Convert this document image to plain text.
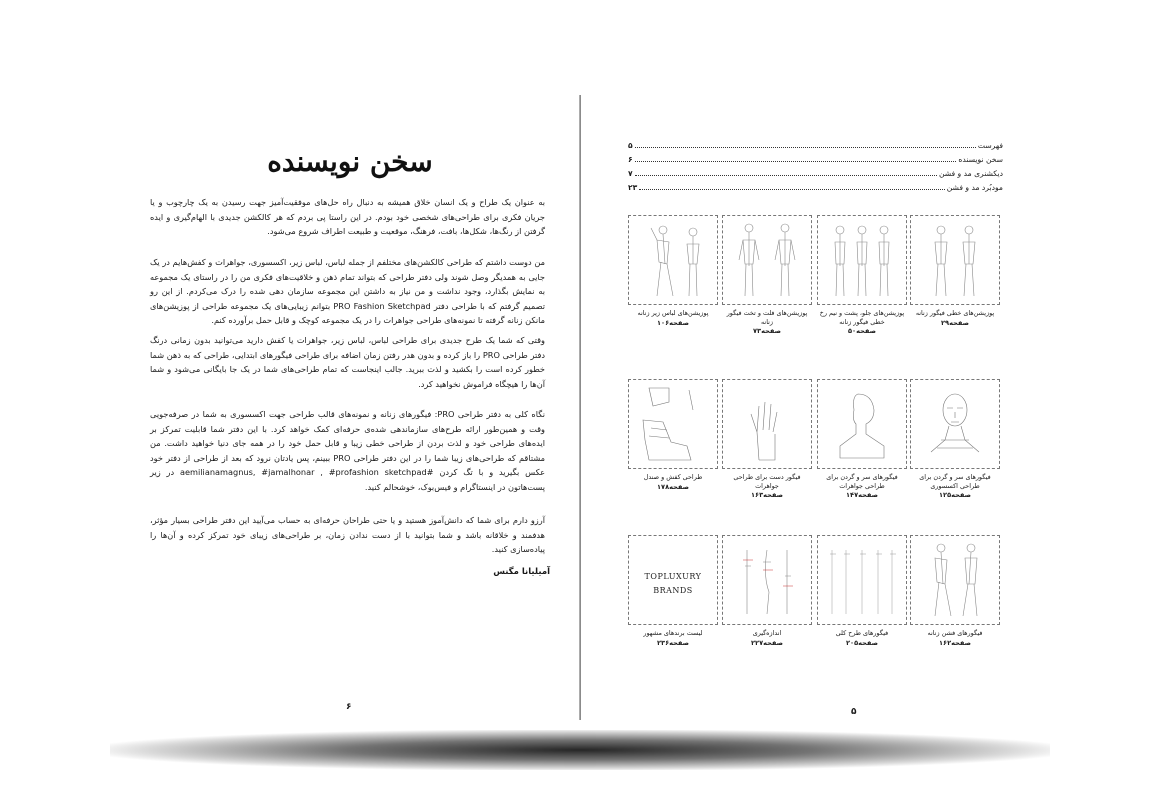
سخن نویسنده
به عنوان یک طراح و یک انسان خلاق همیشه به دنبال راه حل‌های موفقیت‌آمیز جهت رسیدن به یک چارچوب و یا جریان فکری برای طراحی‌های شخصی خود بودم. در این راستا پی بردم که هر کالکشن جدیدی با الهام‌گیری و ایده گرفتن از رنگ‌ها، شکل‌ها، بافت، فرهنگ، موقعیت و طبیعت اطراف شروع می‌شود.
من دوست داشتم که طراحی کالکشن‌های مختلفم از جمله لباس، لباس زیر، اکسسوری، جواهرات و کفش‌هایم در یک جایی به همدیگر وصل شوند ولی دفتر طراحی که بتواند تمام ذهن و خلاقیت‌های فکری من را در راستای یک مجموعه به نمایش بگذارد، وجود نداشت و من نیاز به داشتن این مجموعه سازمان دهی شده را درک می‌کردم. از این رو تصمیم گرفتم که با طراحی دفتر PRO Fashion Sketchpad بتوانم زیبایی‌های یک مجموعه طراحی از پوزیشن‌های مانکن زنانه گرفته تا نمونه‌های طراحی جواهرات را در یک مجموعه کوچک و قابل حمل برآورده کنم.
وقتی که شما یک طرح جدیدی برای طراحی لباس، لباس زیر، جواهرات یا کفش دارید می‌توانید بدون زمانی درنگ دفتر طراحی PRO را باز کرده و بدون هدر رفتن زمان اضافه برای طراحی فیگورهای ابتدایی، طراحی که به ذهن شما خطور کرده است را بکشید و لذت ببرید. جالب اینجاست که تمام طراحی‌های شما در یک جا بایگانی می‌شود و شما آن‌ها را هیچگاه فراموش نخواهید کرد.
نگاه کلی به دفتر طراحی PRO: فیگورهای زنانه و نمونه‌های قالب طراحی جهت اکسسوری به شما در صرفه‌جویی وقت و همین‌طور ارائه طرح‌های سازماندهی شده‌ی حرفه‌ای کمک خواهد کرد. با این دفتر شما قابلیت تمرکز بر ایده‌های طراحی خود و لذت بردن از طراحی خطی زیبا و قابل حمل خود را در همه جای دنیا خواهید داشت. من مشتاقم که طراحی‌های زیبا شما را در این دفتر طراحی PRO ببینم، پس یادتان نرود که بعد از طراحی از دفتر خود عکس بگیرید و با تگ کردن #aemilianamagnus, #jamalhonar , #profashion sketchpad در زیر پست‌هاتون در اینستاگرام و فیس‌بوک، خوشحالم کنید.
آرزو دارم برای شما که دانش‌آموز هستید و یا حتی طراحان حرفه‌ای به حساب می‌آیید این دفتر طراحی بسیار مؤثر، هدفمند و خلاقانه باشد و شما بتوانید با از دست ندادن زمان، بر طراحی‌های زیبای خود تمرکز کرده و آن‌ها را پیاده‌سازی کنید.
آمیلیانا مگنس
۶
فهرست
۵
سخن نویسنده
۶
دیکشنری مد و فشن
۷
مودبُرد مد و فشن
۲۳
پوزیشن‌های خطی فیگور زنانه
صفحه۲۹
پوزیشن‌های جلو، پشت و نیم رخ خطی فیگور زنانه
صفحه۵۰
پوزیشن‌های فلت و تخت فیگور زنانه
صفحه۷۳
پوزیشن‌های لباس زیر زنانه
صفحه۱۰۶
فیگورهای سر و گردن برای طراحی اکسسوری
صفحه۱۲۵
فیگورهای سر و گردن برای طراحی جواهرات
صفحه۱۴۷
فیگور دست برای طراحی جواهرات
صفحه۱۶۳
طراحی کفش و صندل
صفحه۱۷۸
فیگورهای فشن زنانه
صفحه۱۶۲
فیگورهای طرح کلی
صفحه۲۰۵
اندازه‌گیری
صفحه۲۲۷
TOPLUXURY
BRANDS
لیست برندهای مشهور
صفحه۲۳۶
۵
